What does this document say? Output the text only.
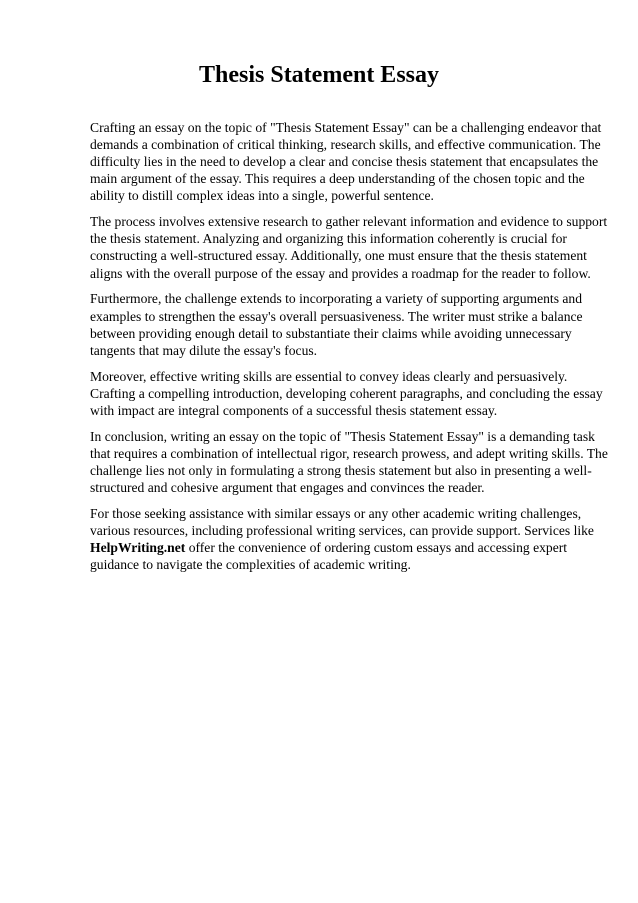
Thesis Statement Essay

Crafting an essay on the topic of "Thesis Statement Essay" can be a challenging endeavor that demands a combination of critical thinking, research skills, and effective communication. The difficulty lies in the need to develop a clear and concise thesis statement that encapsulates the main argument of the essay. This requires a deep understanding of the chosen topic and the ability to distill complex ideas into a single, powerful sentence.

The process involves extensive research to gather relevant information and evidence to support the thesis statement. Analyzing and organizing this information coherently is crucial for constructing a well-structured essay. Additionally, one must ensure that the thesis statement aligns with the overall purpose of the essay and provides a roadmap for the reader to follow.

Furthermore, the challenge extends to incorporating a variety of supporting arguments and examples to strengthen the essay's overall persuasiveness. The writer must strike a balance between providing enough detail to substantiate their claims while avoiding unnecessary tangents that may dilute the essay's focus.

Moreover, effective writing skills are essential to convey ideas clearly and persuasively. Crafting a compelling introduction, developing coherent paragraphs, and concluding the essay with impact are integral components of a successful thesis statement essay.

In conclusion, writing an essay on the topic of "Thesis Statement Essay" is a demanding task that requires a combination of intellectual rigor, research prowess, and adept writing skills. The challenge lies not only in formulating a strong thesis statement but also in presenting a well-structured and cohesive argument that engages and convinces the reader.

For those seeking assistance with similar essays or any other academic writing challenges, various resources, including professional writing services, can provide support. Services like HelpWriting.net offer the convenience of ordering custom essays and accessing expert guidance to navigate the complexities of academic writing.
